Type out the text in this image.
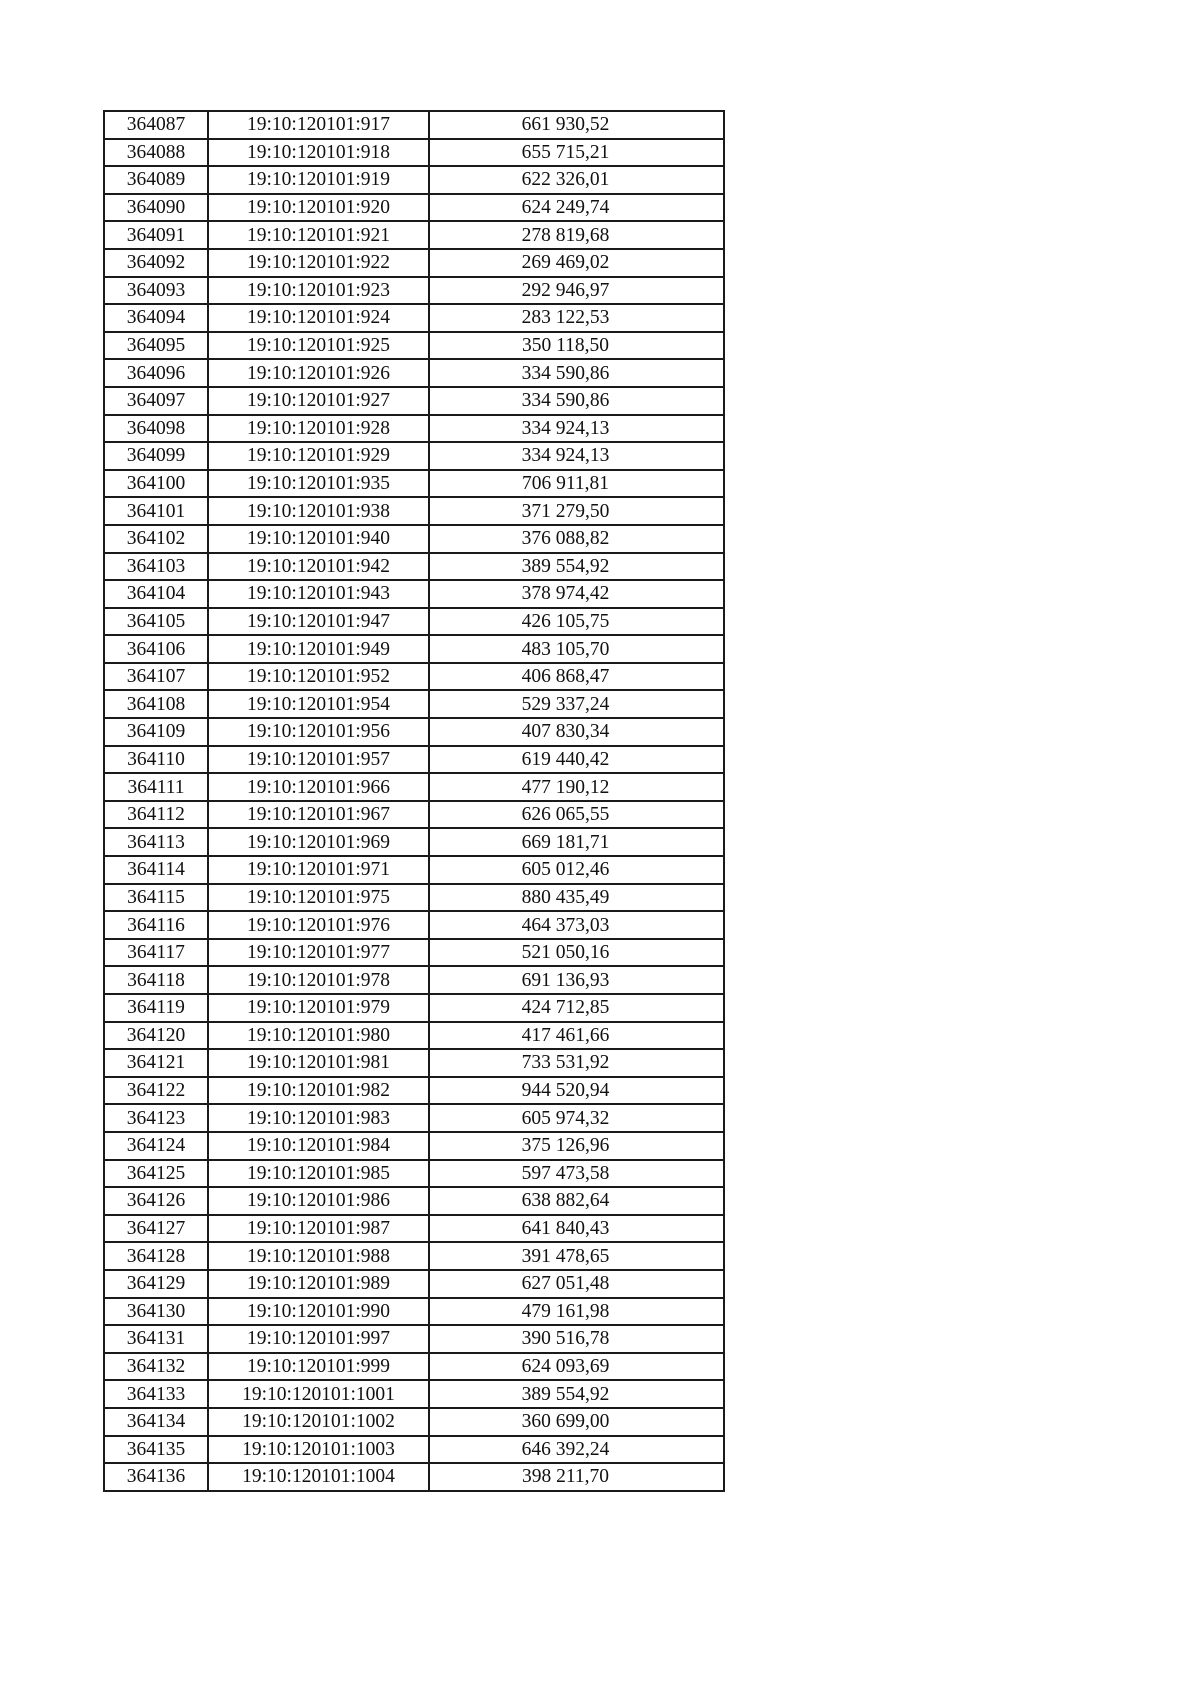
364087	19:10:120101:917	661 930,52
364088	19:10:120101:918	655 715,21
364089	19:10:120101:919	622 326,01
364090	19:10:120101:920	624 249,74
364091	19:10:120101:921	278 819,68
364092	19:10:120101:922	269 469,02
364093	19:10:120101:923	292 946,97
364094	19:10:120101:924	283 122,53
364095	19:10:120101:925	350 118,50
364096	19:10:120101:926	334 590,86
364097	19:10:120101:927	334 590,86
364098	19:10:120101:928	334 924,13
364099	19:10:120101:929	334 924,13
364100	19:10:120101:935	706 911,81
364101	19:10:120101:938	371 279,50
364102	19:10:120101:940	376 088,82
364103	19:10:120101:942	389 554,92
364104	19:10:120101:943	378 974,42
364105	19:10:120101:947	426 105,75
364106	19:10:120101:949	483 105,70
364107	19:10:120101:952	406 868,47
364108	19:10:120101:954	529 337,24
364109	19:10:120101:956	407 830,34
364110	19:10:120101:957	619 440,42
364111	19:10:120101:966	477 190,12
364112	19:10:120101:967	626 065,55
364113	19:10:120101:969	669 181,71
364114	19:10:120101:971	605 012,46
364115	19:10:120101:975	880 435,49
364116	19:10:120101:976	464 373,03
364117	19:10:120101:977	521 050,16
364118	19:10:120101:978	691 136,93
364119	19:10:120101:979	424 712,85
364120	19:10:120101:980	417 461,66
364121	19:10:120101:981	733 531,92
364122	19:10:120101:982	944 520,94
364123	19:10:120101:983	605 974,32
364124	19:10:120101:984	375 126,96
364125	19:10:120101:985	597 473,58
364126	19:10:120101:986	638 882,64
364127	19:10:120101:987	641 840,43
364128	19:10:120101:988	391 478,65
364129	19:10:120101:989	627 051,48
364130	19:10:120101:990	479 161,98
364131	19:10:120101:997	390 516,78
364132	19:10:120101:999	624 093,69
364133	19:10:120101:1001	389 554,92
364134	19:10:120101:1002	360 699,00
364135	19:10:120101:1003	646 392,24
364136	19:10:120101:1004	398 211,70
